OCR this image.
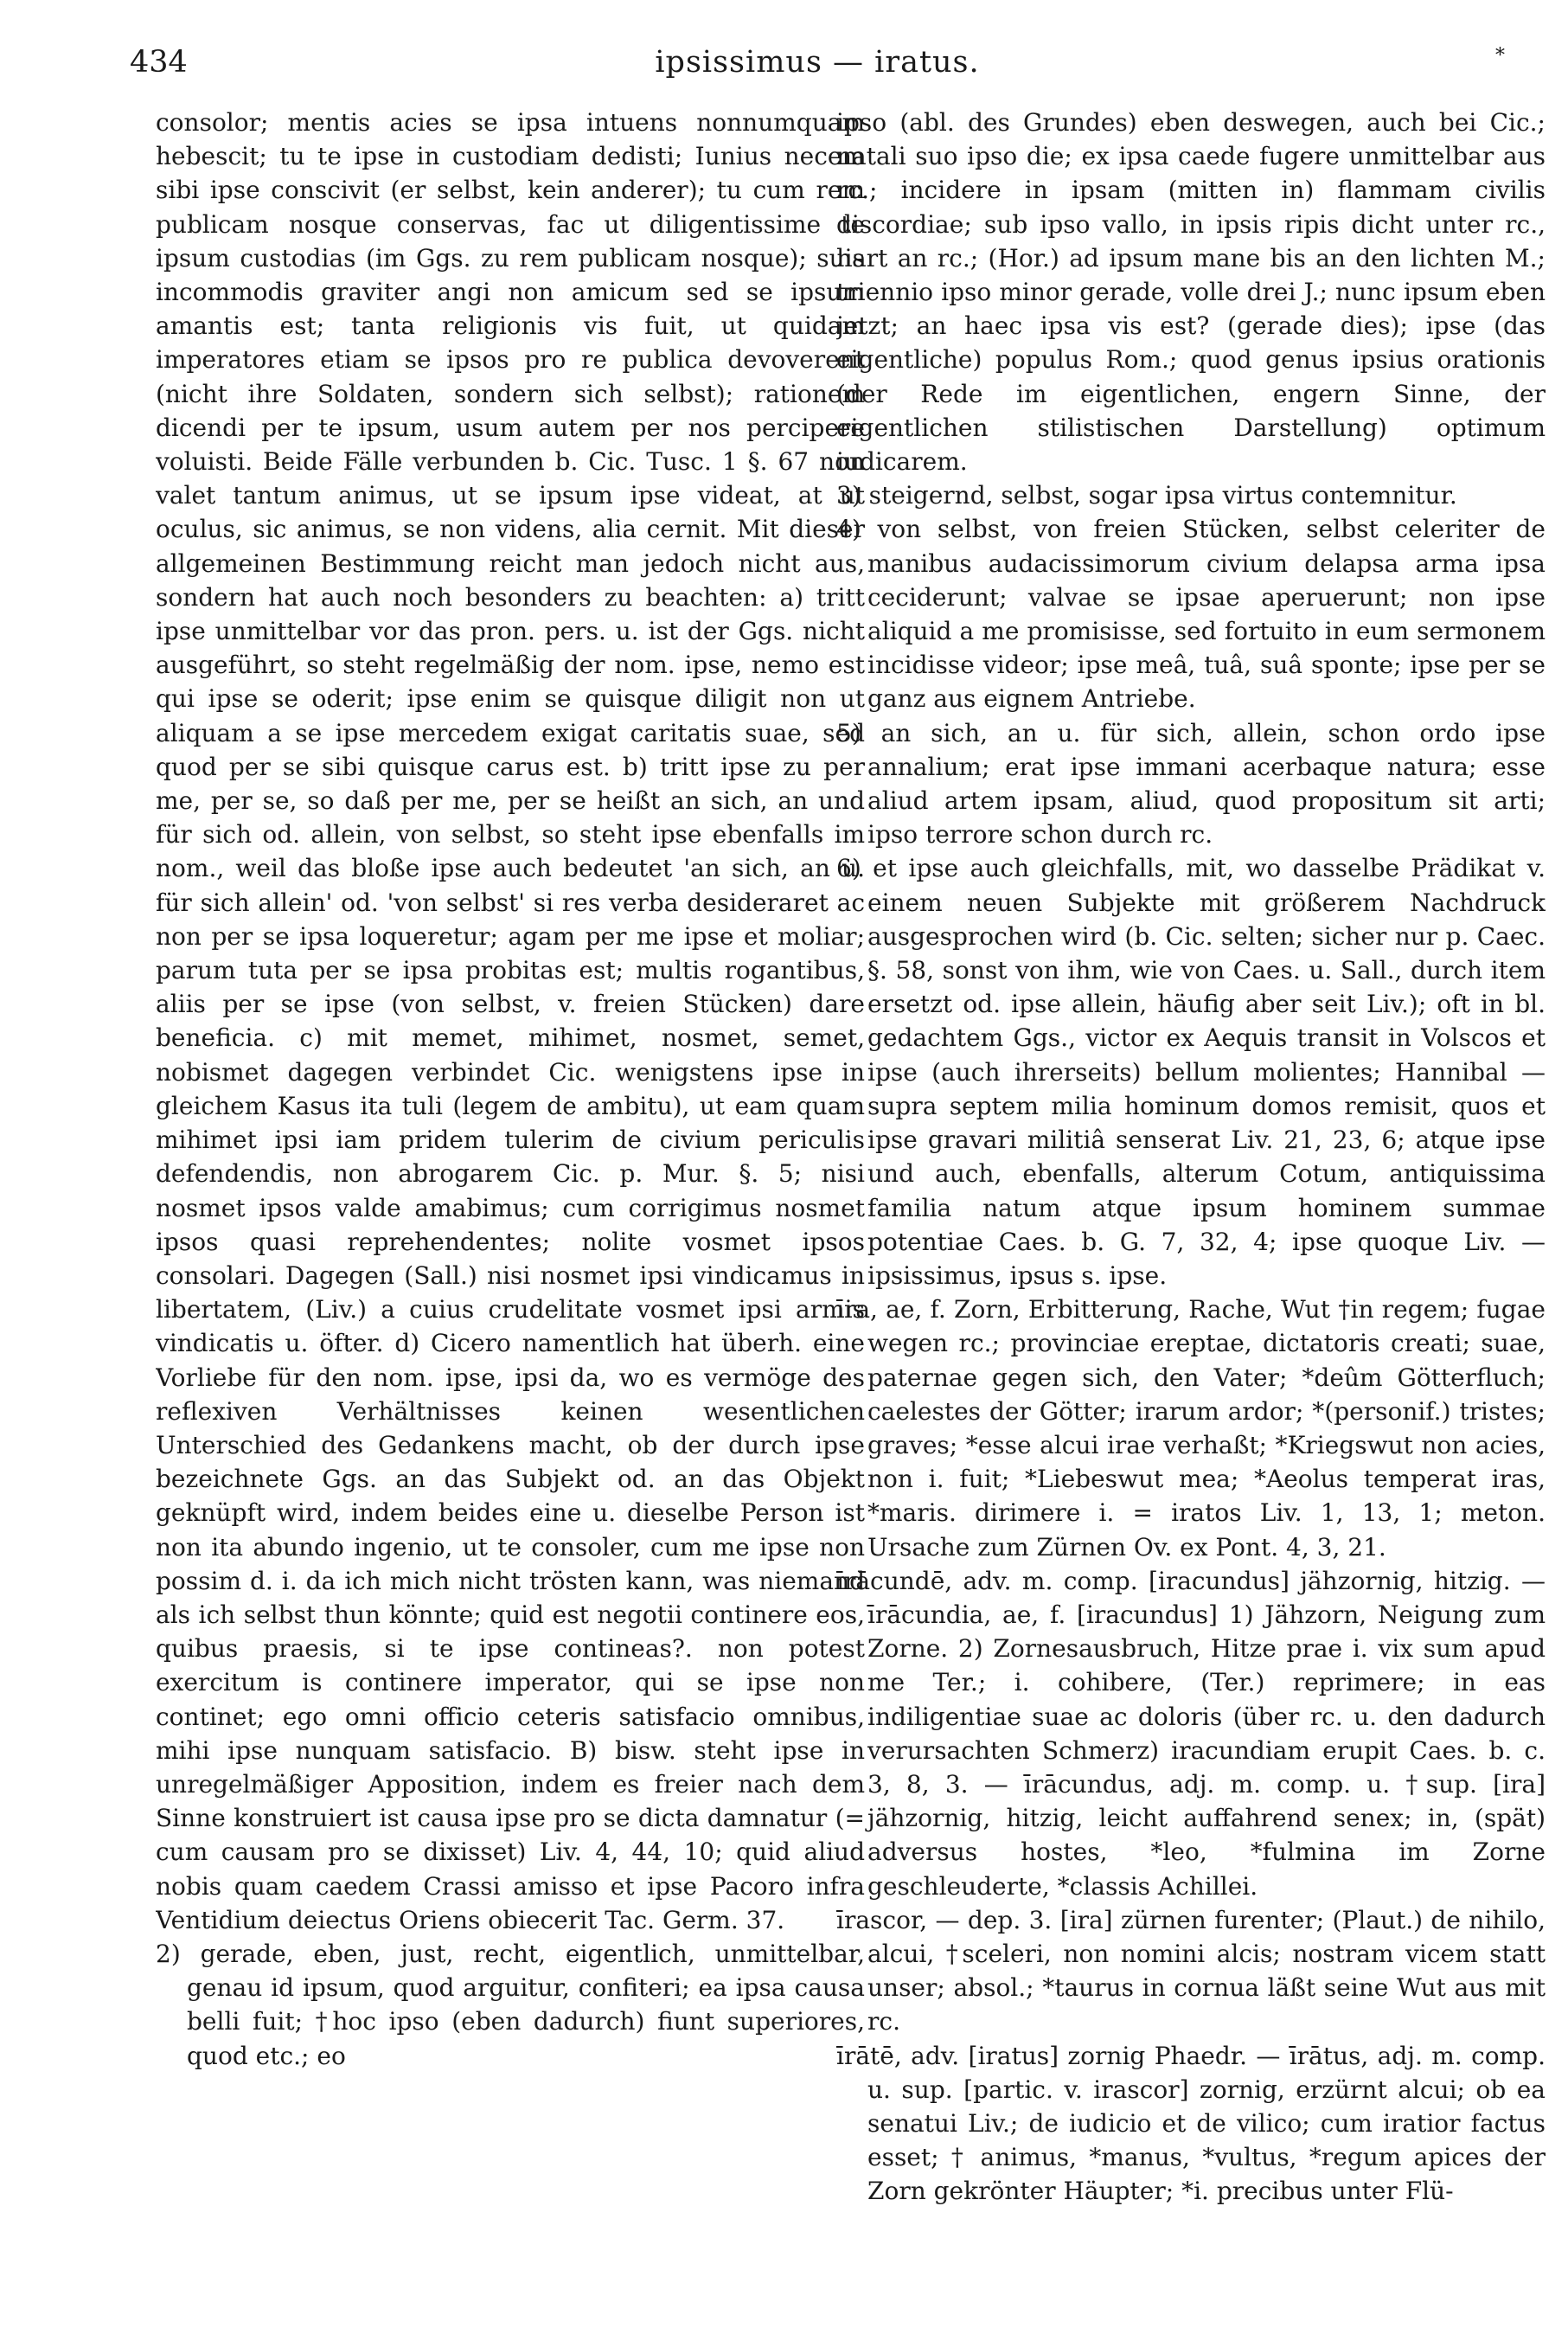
434	ipsissimus — iratus.	*

consolor; mentis acies se ipsa intuens nonnumquam hebescit; tu te ipse in custodiam dedisti; Iunius necem sibi ipse conscivit (er selbst, kein anderer); tu cum rem publicam nosque conservas, fac ut diligentissime te ipsum custodias (im Ggs. zu rem publicam nosque); suis incommodis graviter angi non amicum sed se ipsum amantis est; tanta religionis vis fuit, ut quidam imperatores etiam se ipsos pro re publica devoverent (nicht ihre Soldaten, sondern sich selbst); rationem dicendi per te ipsum, usum autem per nos percipere voluisti. Beide Fälle verbunden b. Cic. Tusc. 1 §. 67 non valet tantum animus, ut se ipsum ipse videat, at ut oculus, sic animus, se non videns, alia cernit. Mit dieser allgemeinen Bestimmung reicht man jedoch nicht aus, sondern hat auch noch besonders zu beachten: a) tritt ipse unmittelbar vor das pron. pers. u. ist der Ggs. nicht ausgeführt, so steht regelmäßig der nom. ipse, nemo est qui ipse se oderit; ipse enim se quisque diligit non ut aliquam a se ipse mercedem exigat caritatis suae, sed quod per se sibi quisque carus est. b) tritt ipse zu per me, per se, so daß per me, per se heißt an sich, an und für sich od. allein, von selbst, so steht ipse ebenfalls im nom., weil das bloße ipse auch bedeutet 'an sich, an u. für sich allein' od. 'von selbst' si res verba desideraret ac non per se ipsa loqueretur; agam per me ipse et moliar; parum tuta per se ipsa probitas est; multis rogantibus, aliis per se ipse (von selbst, v. freien Stücken) dare beneficia. c) mit memet, mihimet, nosmet, semet, nobismet dagegen verbindet Cic. wenigstens ipse in gleichem Kasus ita tuli (legem de ambitu), ut eam quam mihimet ipsi iam pridem tulerim de civium periculis defendendis, non abrogarem Cic. p. Mur. §. 5; nisi nosmet ipsos valde amabimus; cum corrigimus nosmet ipsos quasi reprehendentes; nolite vosmet ipsos consolari. Dagegen (Sall.) nisi nosmet ipsi vindicamus in libertatem, (Liv.) a cuius crudelitate vosmet ipsi armis vindicatis u. öfter. d) Cicero namentlich hat überh. eine Vorliebe für den nom. ipse, ipsi da, wo es vermöge des reflexiven Verhältnisses keinen wesentlichen Unterschied des Gedankens macht, ob der durch ipse bezeichnete Ggs. an das Subjekt od. an das Objekt geknüpft wird, indem beides eine u. dieselbe Person ist non ita abundo ingenio, ut te consoler, cum me ipse non possim d. i. da ich mich nicht trösten kann, was niemand als ich selbst thun könnte; quid est negotii continere eos, quibus praesis, si te ipse contineas?. non potest exercitum is continere imperator, qui se ipse non continet; ego omni officio ceteris satisfacio omnibus, mihi ipse nunquam satisfacio. B) bisw. steht ipse in unregelmäßiger Apposition, indem es freier nach dem Sinne konstruiert ist causa ipse pro se dicta damnatur (= cum causam pro se dixisset) Liv. 4, 44, 10; quid aliud nobis quam caedem Crassi amisso et ipse Pacoro infra Ventidium deiectus Oriens obiecerit Tac. Germ. 37.

2) gerade, eben, just, recht, eigentlich, unmittelbar, genau id ipsum, quod arguitur, confiteri; ea ipsa causa belli fuit; †hoc ipso (eben dadurch) fiunt superiores, quod etc.; eo

ipso (abl. des Grundes) eben deswegen, auch bei Cic.; natali suo ipso die; ex ipsa caede fugere unmittelbar aus rc.; incidere in ipsam (mitten in) flammam civilis discordiae; sub ipso vallo, in ipsis ripis dicht unter rc., hart an rc.; (Hor.) ad ipsum mane bis an den lichten M.; triennio ipso minor gerade, volle drei J.; nunc ipsum eben jetzt; an haec ipsa vis est? (gerade dies); ipse (das eigentliche) populus Rom.; quod genus ipsius orationis (der Rede im eigentlichen, engern Sinne, der eigentlichen stilistischen Darstellung) optimum iudicarem.

3) steigernd, selbst, sogar ipsa virtus contemnitur.

4) von selbst, von freien Stücken, selbst celeriter de manibus audacissimorum civium delapsa arma ipsa ceciderunt; valvae se ipsae aperuerunt; non ipse aliquid a me promisisse, sed fortuito in eum sermonem incidisse videor; ipse meâ, tuâ, suâ sponte; ipse per se ganz aus eignem Antriebe.

5) an sich, an u. für sich, allein, schon ordo ipse annalium; erat ipse immani acerbaque natura; esse aliud artem ipsam, aliud, quod propositum sit arti; ipso terrore schon durch rc.

6) et ipse auch gleichfalls, mit, wo dasselbe Prädikat v. einem neuen Subjekte mit größerem Nachdruck ausgesprochen wird (b. Cic. selten; sicher nur p. Caec. §. 58, sonst von ihm, wie von Caes. u. Sall., durch item ersetzt od. ipse allein, häufig aber seit Liv.); oft in bl. gedachtem Ggs., victor ex Aequis transit in Volscos et ipse (auch ihrerseits) bellum molientes; Hannibal — supra septem milia hominum domos remisit, quos et ipse gravari militiâ senserat Liv. 21, 23, 6; atque ipse und auch, ebenfalls, alterum Cotum, antiquissima familia natum atque ipsum hominem summae potentiae Caes. b. G. 7, 32, 4; ipse quoque Liv. — ipsissimus, ipsus s. ipse.

īra, ae, f. Zorn, Erbitterung, Rache, Wut †in regem; fugae wegen rc.; provinciae ereptae, dictatoris creati; suae, paternae gegen sich, den Vater; *deûm Götterfluch; caelestes der Götter; irarum ardor; *(personif.) tristes; graves; *esse alcui irae verhaßt; *Kriegswut non acies, non i. fuit; *Liebeswut mea; *Aeolus temperat iras, *maris. dirimere i. = iratos Liv. 1, 13, 1; meton. Ursache zum Zürnen Ov. ex Pont. 4, 3, 21.

īrācundē, adv. m. comp. [iracundus] jähzornig, hitzig. — īrācundia, ae, f. [iracundus] 1) Jähzorn, Neigung zum Zorne. 2) Zornesausbruch, Hitze prae i. vix sum apud me Ter.; i. cohibere, (Ter.) reprimere; in eas indiligentiae suae ac doloris (über rc. u. den dadurch verursachten Schmerz) iracundiam erupit Caes. b. c. 3, 8, 3. — īrācundus, adj. m. comp. u. †sup. [ira] jähzornig, hitzig, leicht auffahrend senex; in, (spät) adversus hostes, *leo, *fulmina im Zorne geschleuderte, *classis Achillei.

īrascor, — dep. 3. [ira] zürnen furenter; (Plaut.) de nihilo, alcui, †sceleri, non nomini alcis; nostram vicem statt unser; absol.; *taurus in cornua läßt seine Wut aus mit rc.

īrātē, adv. [iratus] zornig Phaedr. — īrātus, adj. m. comp. u. sup. [partic. v. irascor] zornig, erzürnt alcui; ob ea senatui Liv.; de iudicio et de vilico; cum iratior factus esset; † animus, *manus, *vultus, *regum apices der Zorn gekrönter Häupter; *i. precibus unter Flü-
